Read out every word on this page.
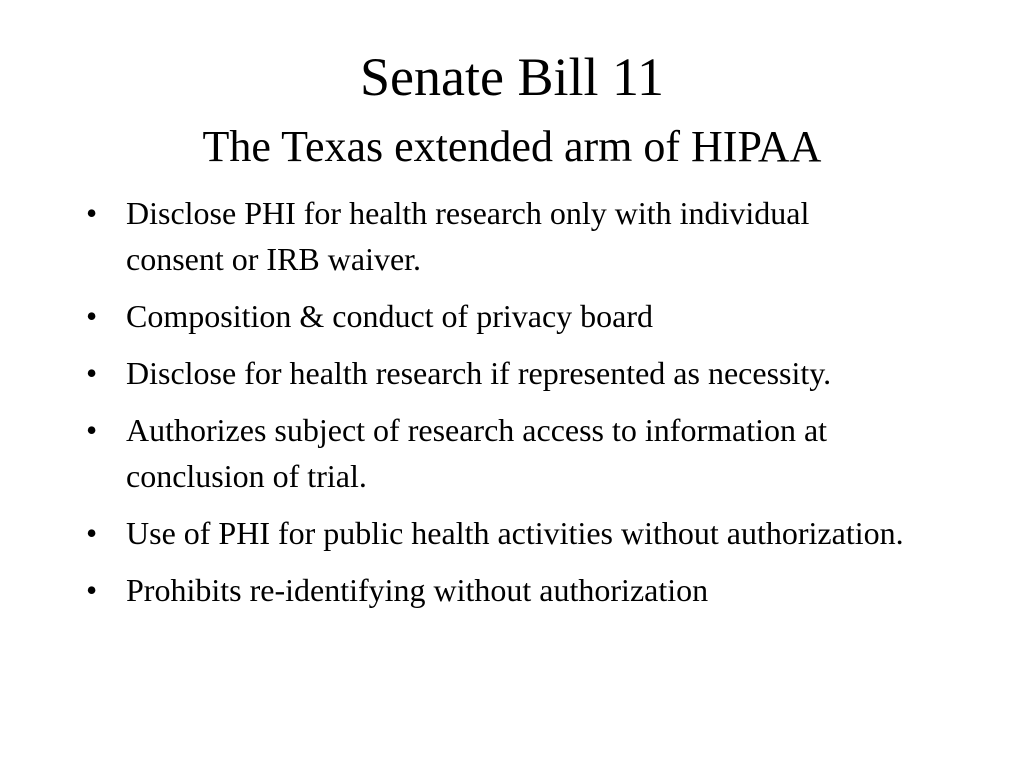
Senate Bill 11
The Texas extended arm of HIPAA
• Disclose PHI for health research only with individual consent or IRB waiver.
• Composition & conduct of privacy board
• Disclose for health research if represented as necessity.
• Authorizes subject of research access to information at conclusion of trial.
• Use of PHI for public health activities without authorization.
• Prohibits re-identifying without authorization
